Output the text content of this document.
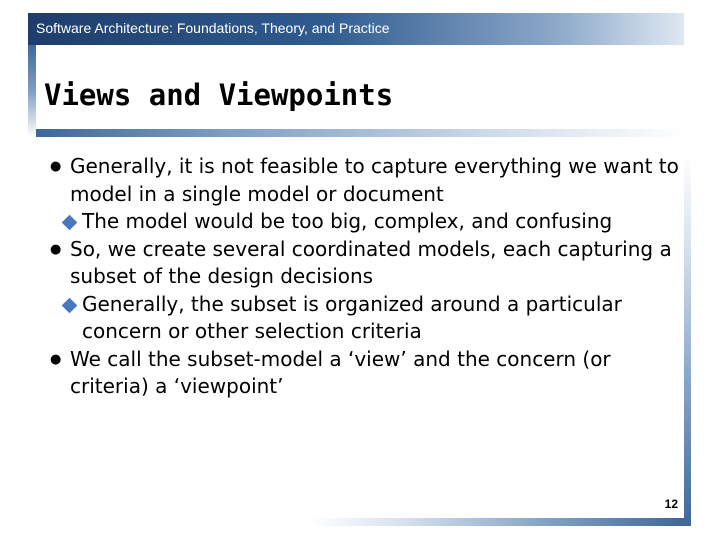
Software Architecture: Foundations, Theory, and Practice
Views and Viewpoints
● Generally, it is not feasible to capture everything we want to model in a single model or document
The model would be too big, complex, and confusing
● So, we create several coordinated models, each capturing a subset of the design decisions
Generally, the subset is organized around a particular concern or other selection criteria
● We call the subset-model a ‘view’ and the concern (or criteria) a ‘viewpoint’
12
